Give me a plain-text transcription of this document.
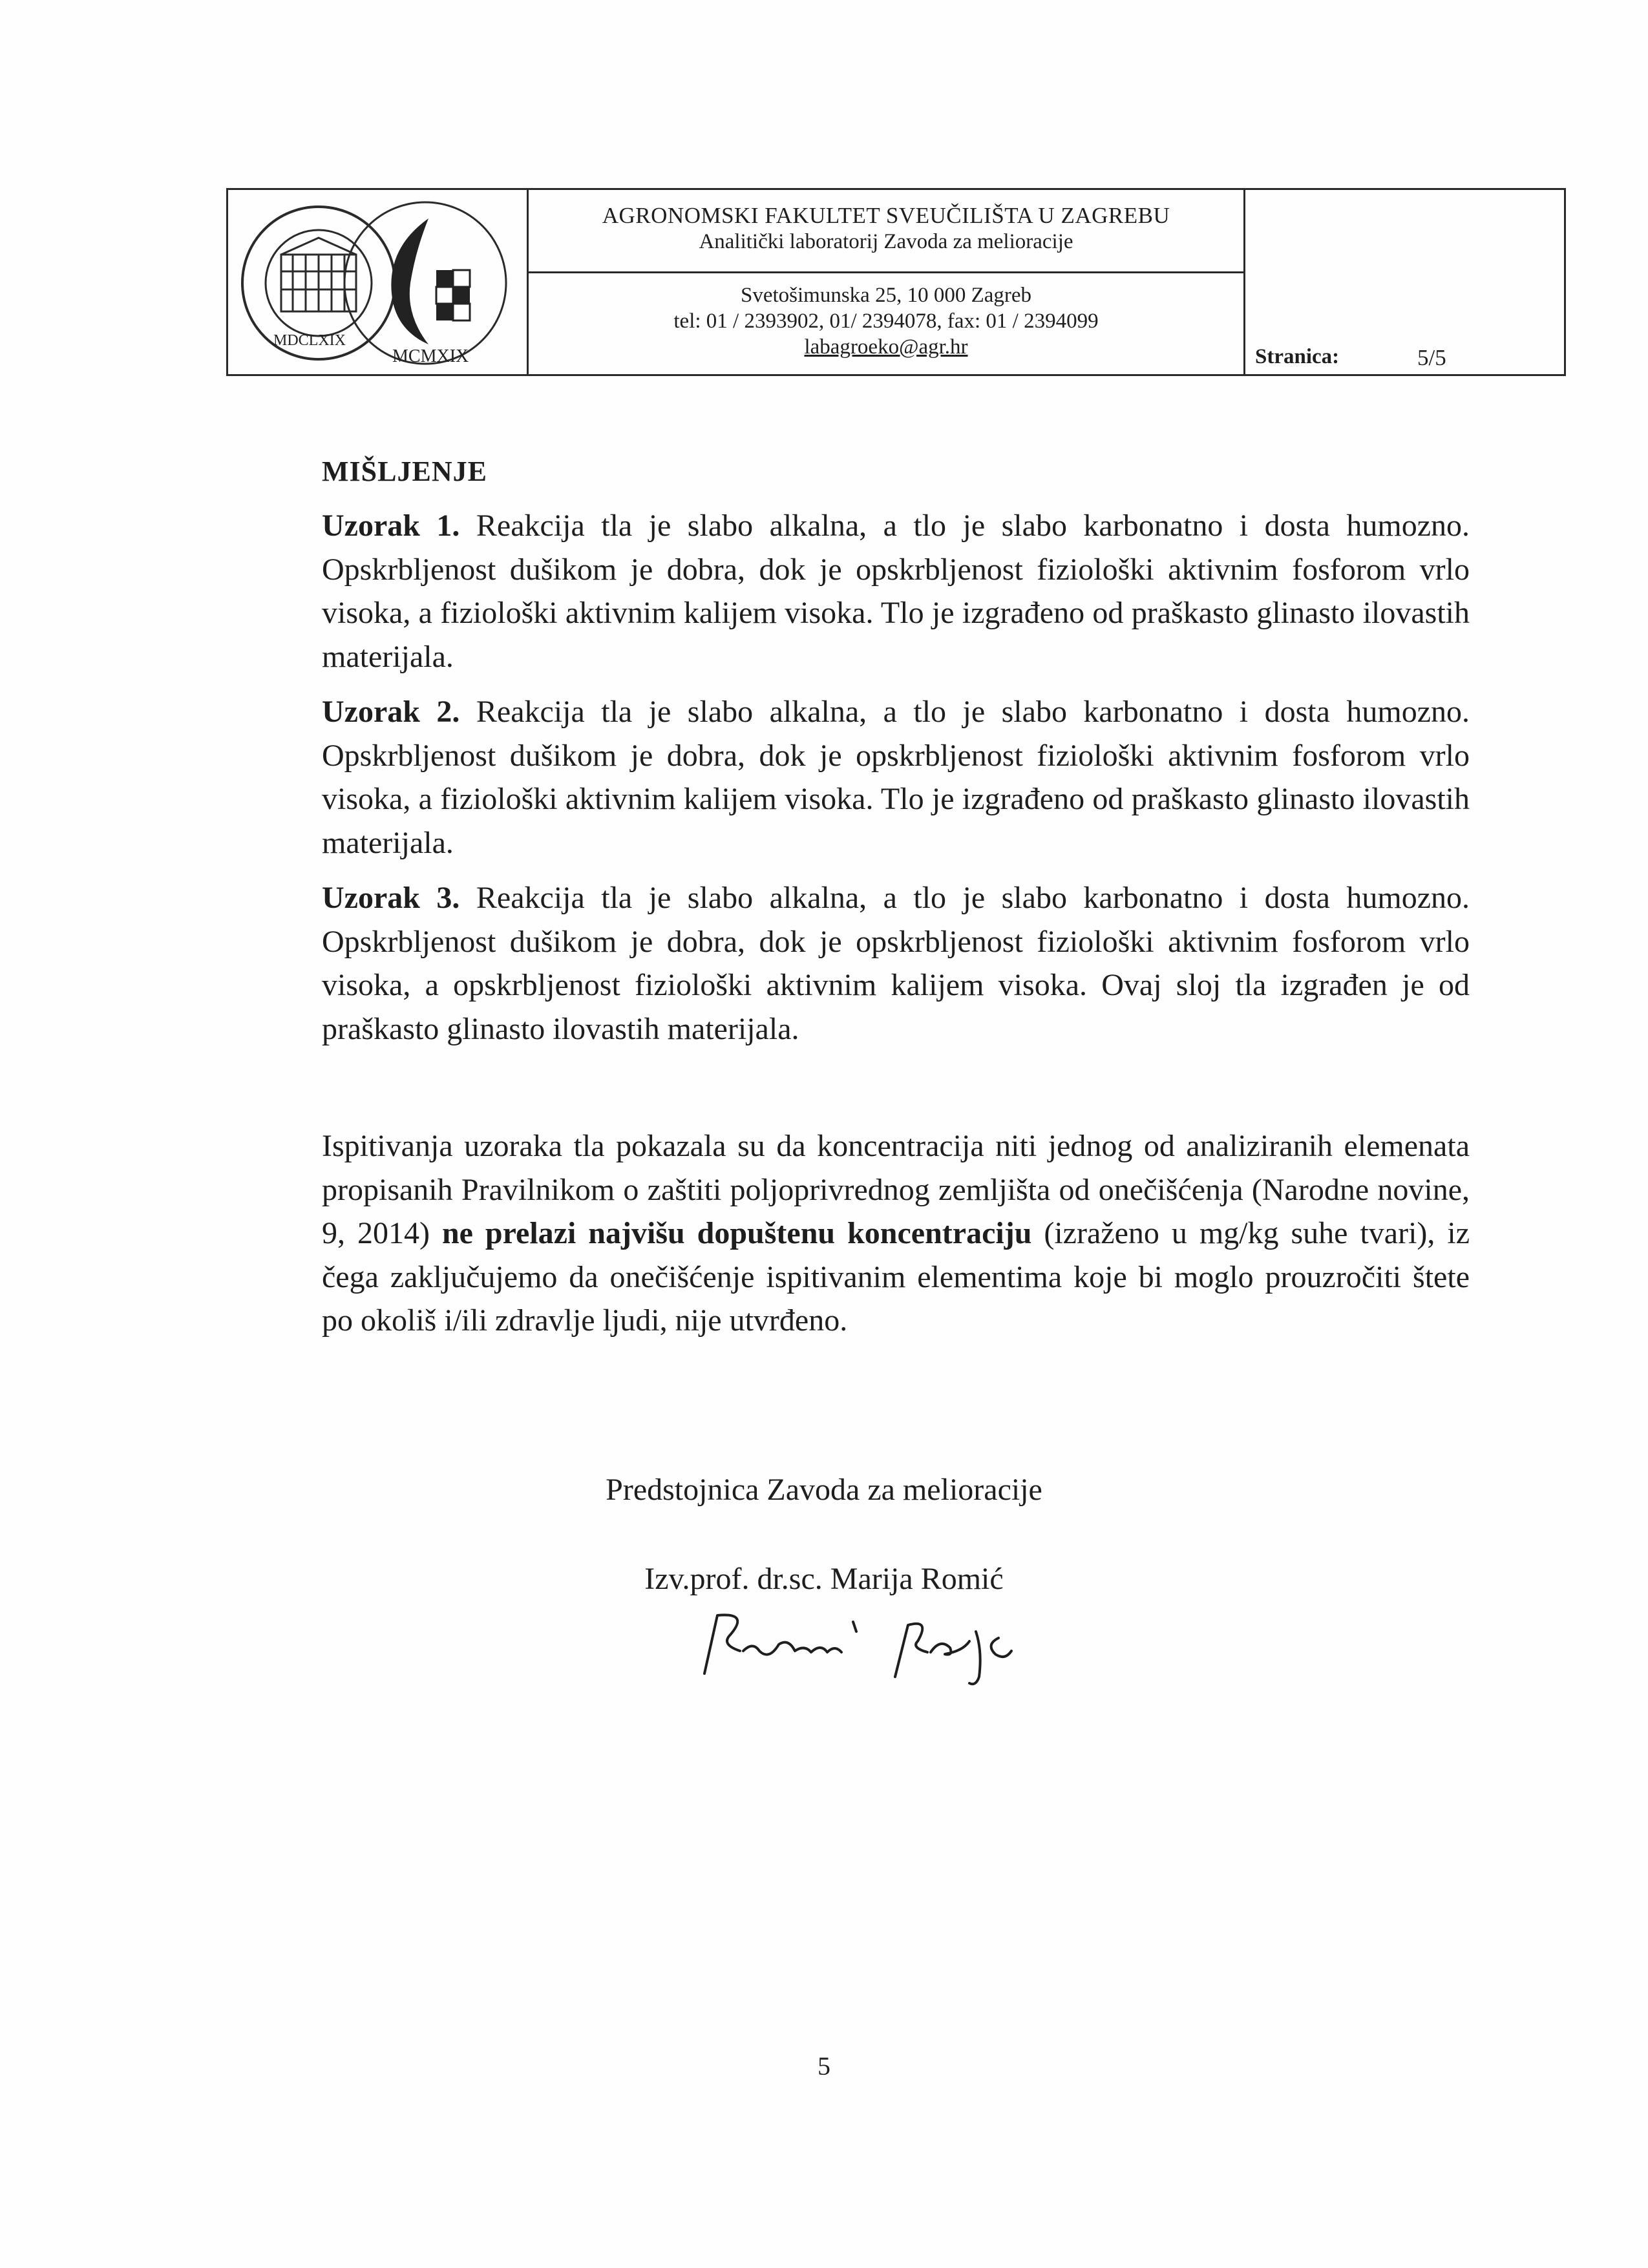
MCMXIX
MDCLXIX
AGRONOMSKI FAKULTET SVEUČILIŠTA U ZAGREBU
Analitički laboratorij Zavoda za melioracije
Svetošimunska 25, 10 000 Zagreb
tel: 01 / 2393902, 01/ 2394078, fax: 01 / 2394099
labagroeko@agr.hr	Stranica:	5/5
MIŠLJENJE

Uzorak 1. Reakcija tla je slabo alkalna, a tlo je slabo karbonatno i dosta humozno. Opskrbljenost dušikom je dobra, dok je opskrbljenost fiziološki aktivnim fosforom vrlo visoka, a fiziološki aktivnim kalijem visoka. Tlo je izgrađeno od praškasto glinasto ilovastih materijala.

Uzorak 2. Reakcija tla je slabo alkalna, a tlo je slabo karbonatno i dosta humozno. Opskrbljenost dušikom je dobra, dok je opskrbljenost fiziološki aktivnim fosforom vrlo visoka, a fiziološki aktivnim kalijem visoka. Tlo je izgrađeno od praškasto glinasto ilovastih materijala.

Uzorak 3. Reakcija tla je slabo alkalna, a tlo je slabo karbonatno i dosta humozno. Opskrbljenost dušikom je dobra, dok je opskrbljenost fiziološki aktivnim fosforom vrlo visoka, a opskrbljenost fiziološki aktivnim kalijem visoka. Ovaj sloj tla izgrađen je od praškasto glinasto ilovastih materijala.

Ispitivanja uzoraka tla pokazala su da koncentracija niti jednog od analiziranih elemenata propisanih Pravilnikom o zaštiti poljoprivrednog zemljišta od onečišćenja (Narodne novine, 9, 2014) ne prelazi najvišu dopuštenu koncentraciju (izraženo u mg/kg suhe tvari), iz čega zaključujemo da onečišćenje ispitivanim elementima koje bi moglo prouzročiti štete po okoliš i/ili zdravlje ljudi, nije utvrđeno.

Predstojnica Zavoda za melioracije
Izv.prof. dr.sc. Marija Romić
5
